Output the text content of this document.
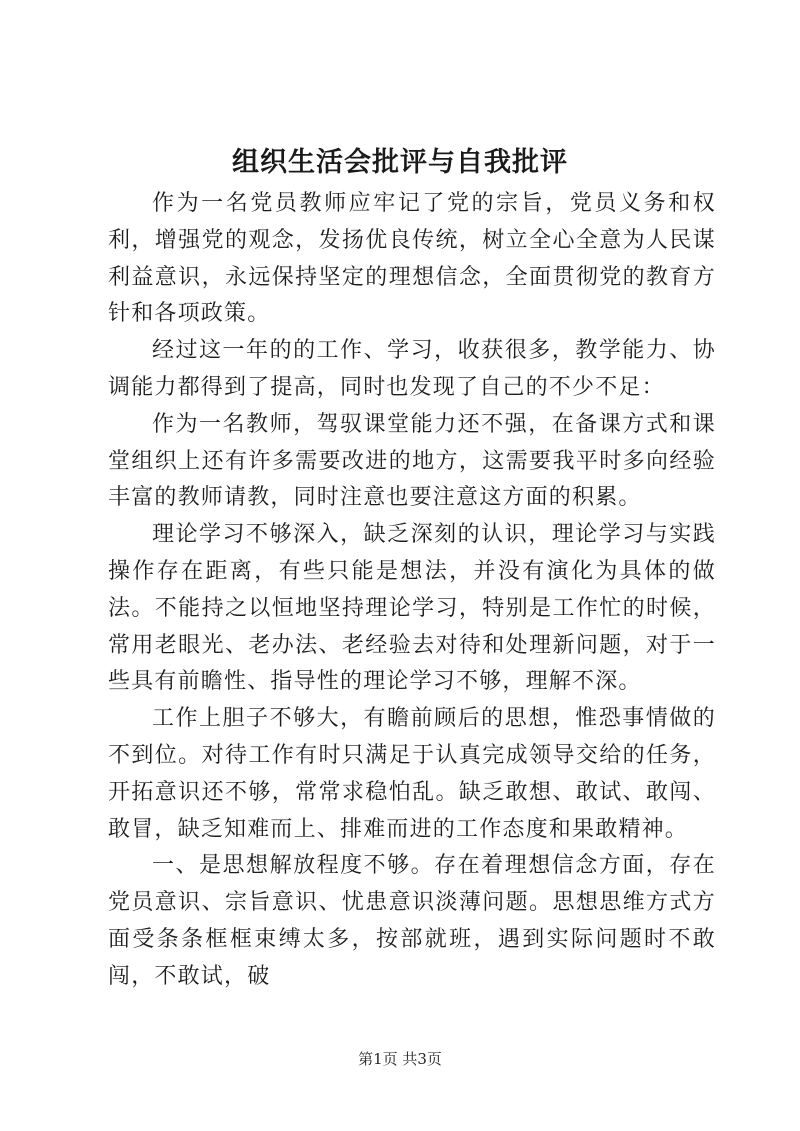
组织生活会批评与自我批评

作为一名党员教师应牢记了党的宗旨，党员义务和权利，增强党的观念，发扬优良传统，树立全心全意为人民谋利益意识，永远保持坚定的理想信念，全面贯彻党的教育方针和各项政策。

经过这一年的的工作、学习，收获很多，教学能力、协调能力都得到了提高，同时也发现了自己的不少不足：

作为一名教师，驾驭课堂能力还不强，在备课方式和课堂组织上还有许多需要改进的地方，这需要我平时多向经验丰富的教师请教，同时注意也要注意这方面的积累。

理论学习不够深入，缺乏深刻的认识，理论学习与实践操作存在距离，有些只能是想法，并没有演化为具体的做法。不能持之以恒地坚持理论学习，特别是工作忙的时候，常用老眼光、老办法、老经验去对待和处理新问题，对于一些具有前瞻性、指导性的理论学习不够，理解不深。

工作上胆子不够大，有瞻前顾后的思想，惟恐事情做的不到位。对待工作有时只满足于认真完成领导交给的任务，开拓意识还不够，常常求稳怕乱。缺乏敢想、敢试、敢闯、敢冒，缺乏知难而上、排难而进的工作态度和果敢精神。

一、是思想解放程度不够。存在着理想信念方面，存在党员意识、宗旨意识、忧患意识淡薄问题。思想思维方式方面受条条框框束缚太多，按部就班，遇到实际问题时不敢闯，不敢试，破

第1页 共3页
